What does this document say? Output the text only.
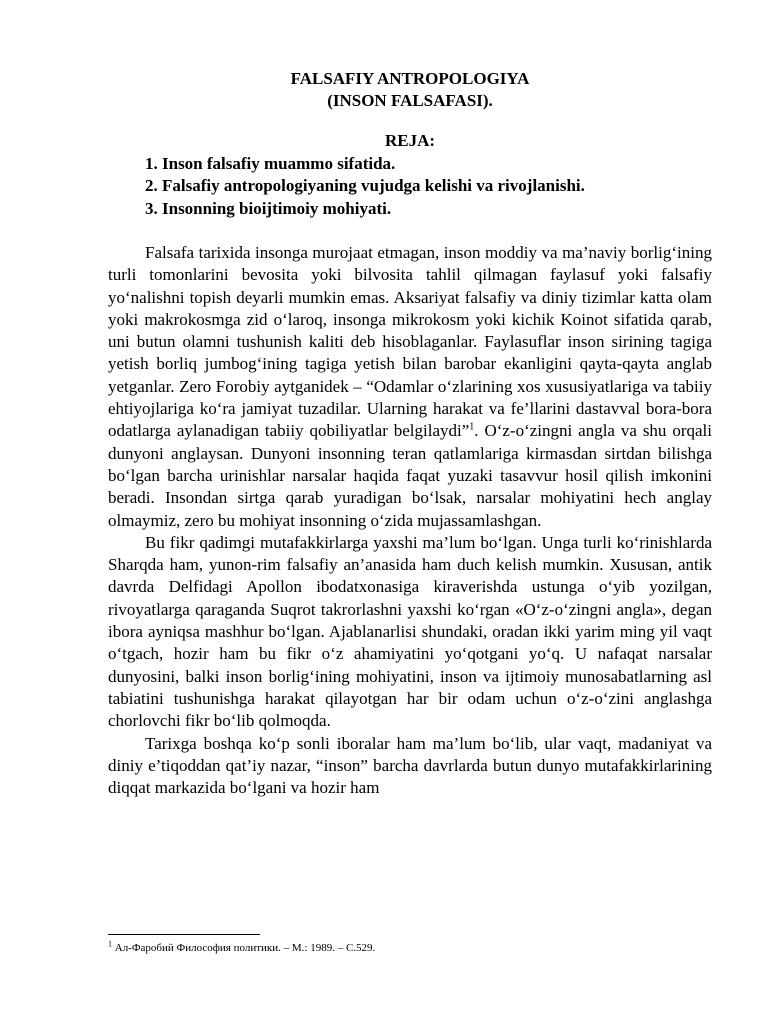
FALSAFIY ANTROPOLOGIYA

(INSON FALSAFASI).

REJA:

1. Inson falsafiy muammo sifatida.
2. Falsafiy antropologiyaning vujudga kelishi va rivojlanishi.
3. Insonning bioijtimoiy mohiyati.

Falsafa tarixida insonga murojaat etmagan, inson moddiy va ma’naviy borlig‘ining turli tomonlarini bevosita yoki bilvosita tahlil qilmagan faylasuf yoki falsafiy yo‘nalishni topish deyarli mumkin emas. Aksariyat falsafiy va diniy tizimlar katta olam yoki makrokosmga zid o‘laroq, insonga mikrokosm yoki kichik Koinot sifatida qarab, uni butun olamni tushunish kaliti deb hisoblaganlar. Faylasuflar inson sirining tagiga yetish borliq jumbog‘ining tagiga yetish bilan barobar ekanligini qayta-qayta anglab yetganlar. Zero Forobiy aytganidek – “Odamlar o‘zlarining xos xususiyatlariga va tabiiy ehtiyojlariga ko‘ra jamiyat tuzadilar. Ularning harakat va fe’llarini dastavval bora-bora odatlarga aylanadigan tabiiy qobiliyatlar belgilaydi”$^1$. O‘z-o‘zingni angla va shu orqali dunyoni anglaysan. Dunyoni insonning teran qatlamlariga kirmasdan sirtdan bilishga bo‘lgan barcha urinishlar narsalar haqida faqat yuzaki tasavvur hosil qilish imkonini beradi. Insondan sirtga qarab yuradigan bo‘lsak, narsalar mohiyatini hech anglay olmaymiz, zero bu mohiyat insonning o‘zida mujassamlashgan.

Bu fikr qadimgi mutafakkirlarga yaxshi ma’lum bo‘lgan. Unga turli ko‘rinishlarda Sharqda ham, yunon-rim falsafiy an’anasida ham duch kelish mumkin. Xususan, antik davrda Delfidagi Apollon ibodatxonasiga kiraverishda ustunga o‘yib yozilgan, rivoyatlarga qaraganda Suqrot takrorlashni yaxshi ko‘rgan «O‘z-o‘zingni angla», degan ibora ayniqsa mashhur bo‘lgan. Ajablanarlisi shundaki, oradan ikki yarim ming yil vaqt o‘tgach, hozir ham bu fikr o‘z ahamiyatini yo‘qotgani yo‘q. U nafaqat narsalar dunyosini, balki inson borlig‘ining mohiyatini, inson va ijtimoiy munosabatlarning asl tabiatini tushunishga harakat qilayotgan har bir odam uchun o‘z-o‘zini anglashga chorlovchi fikr bo‘lib qolmoqda.

Tarixga boshqa ko‘p sonli iboralar ham ma’lum bo‘lib, ular vaqt, madaniyat va diniy e’tiqoddan qat’iy nazar, “inson” barcha davrlarda butun dunyo mutafakkirlarining diqqat markazida bo‘lgani va hozir ham

$^1$ Ал-Фаробий Философия политики. – М.: 1989. – С.529.
